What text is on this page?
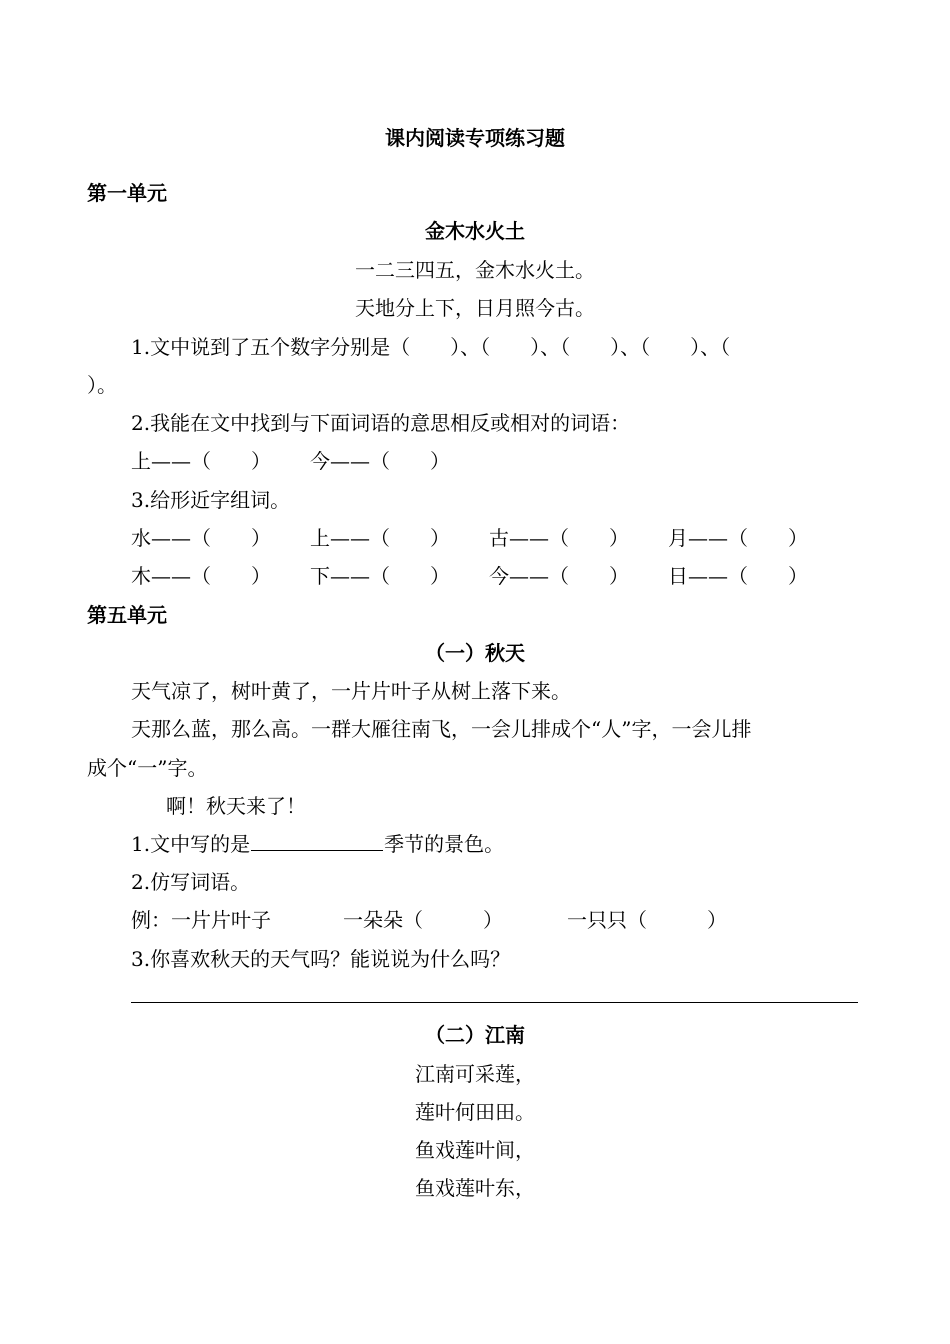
课内阅读专项练习题
第一单元
金木水火土
一二三四五，金木水火土。
天地分上下，日月照今古。
1.文中说到了五个数字分别是（　　）、（　　）、（　　）、（　　）、（
）。
2.我能在文中找到与下面词语的意思相反或相对的词语：
上——（　　） 今——（　　）
3.给形近字组词。
水——（　　） 上——（　　） 古——（　　） 月——（　　）
木——（　　） 下——（　　） 今——（　　） 日——（　　）
第五单元
（一）秋天
天气凉了，树叶黄了，一片片叶子从树上落下来。
天那么蓝，那么高。一群大雁往南飞，一会儿排成个“人”字，一会儿排
成个“一”字。
啊！秋天来了！
1.文中写的是	季节的景色。
2.仿写词语。
例：一片片叶子	一朵朵（　　　）	一只只（　　　）
3.你喜欢秋天的天气吗？能说说为什么吗？
（二）江南
江南可采莲，
莲叶何田田。
鱼戏莲叶间，
鱼戏莲叶东，
